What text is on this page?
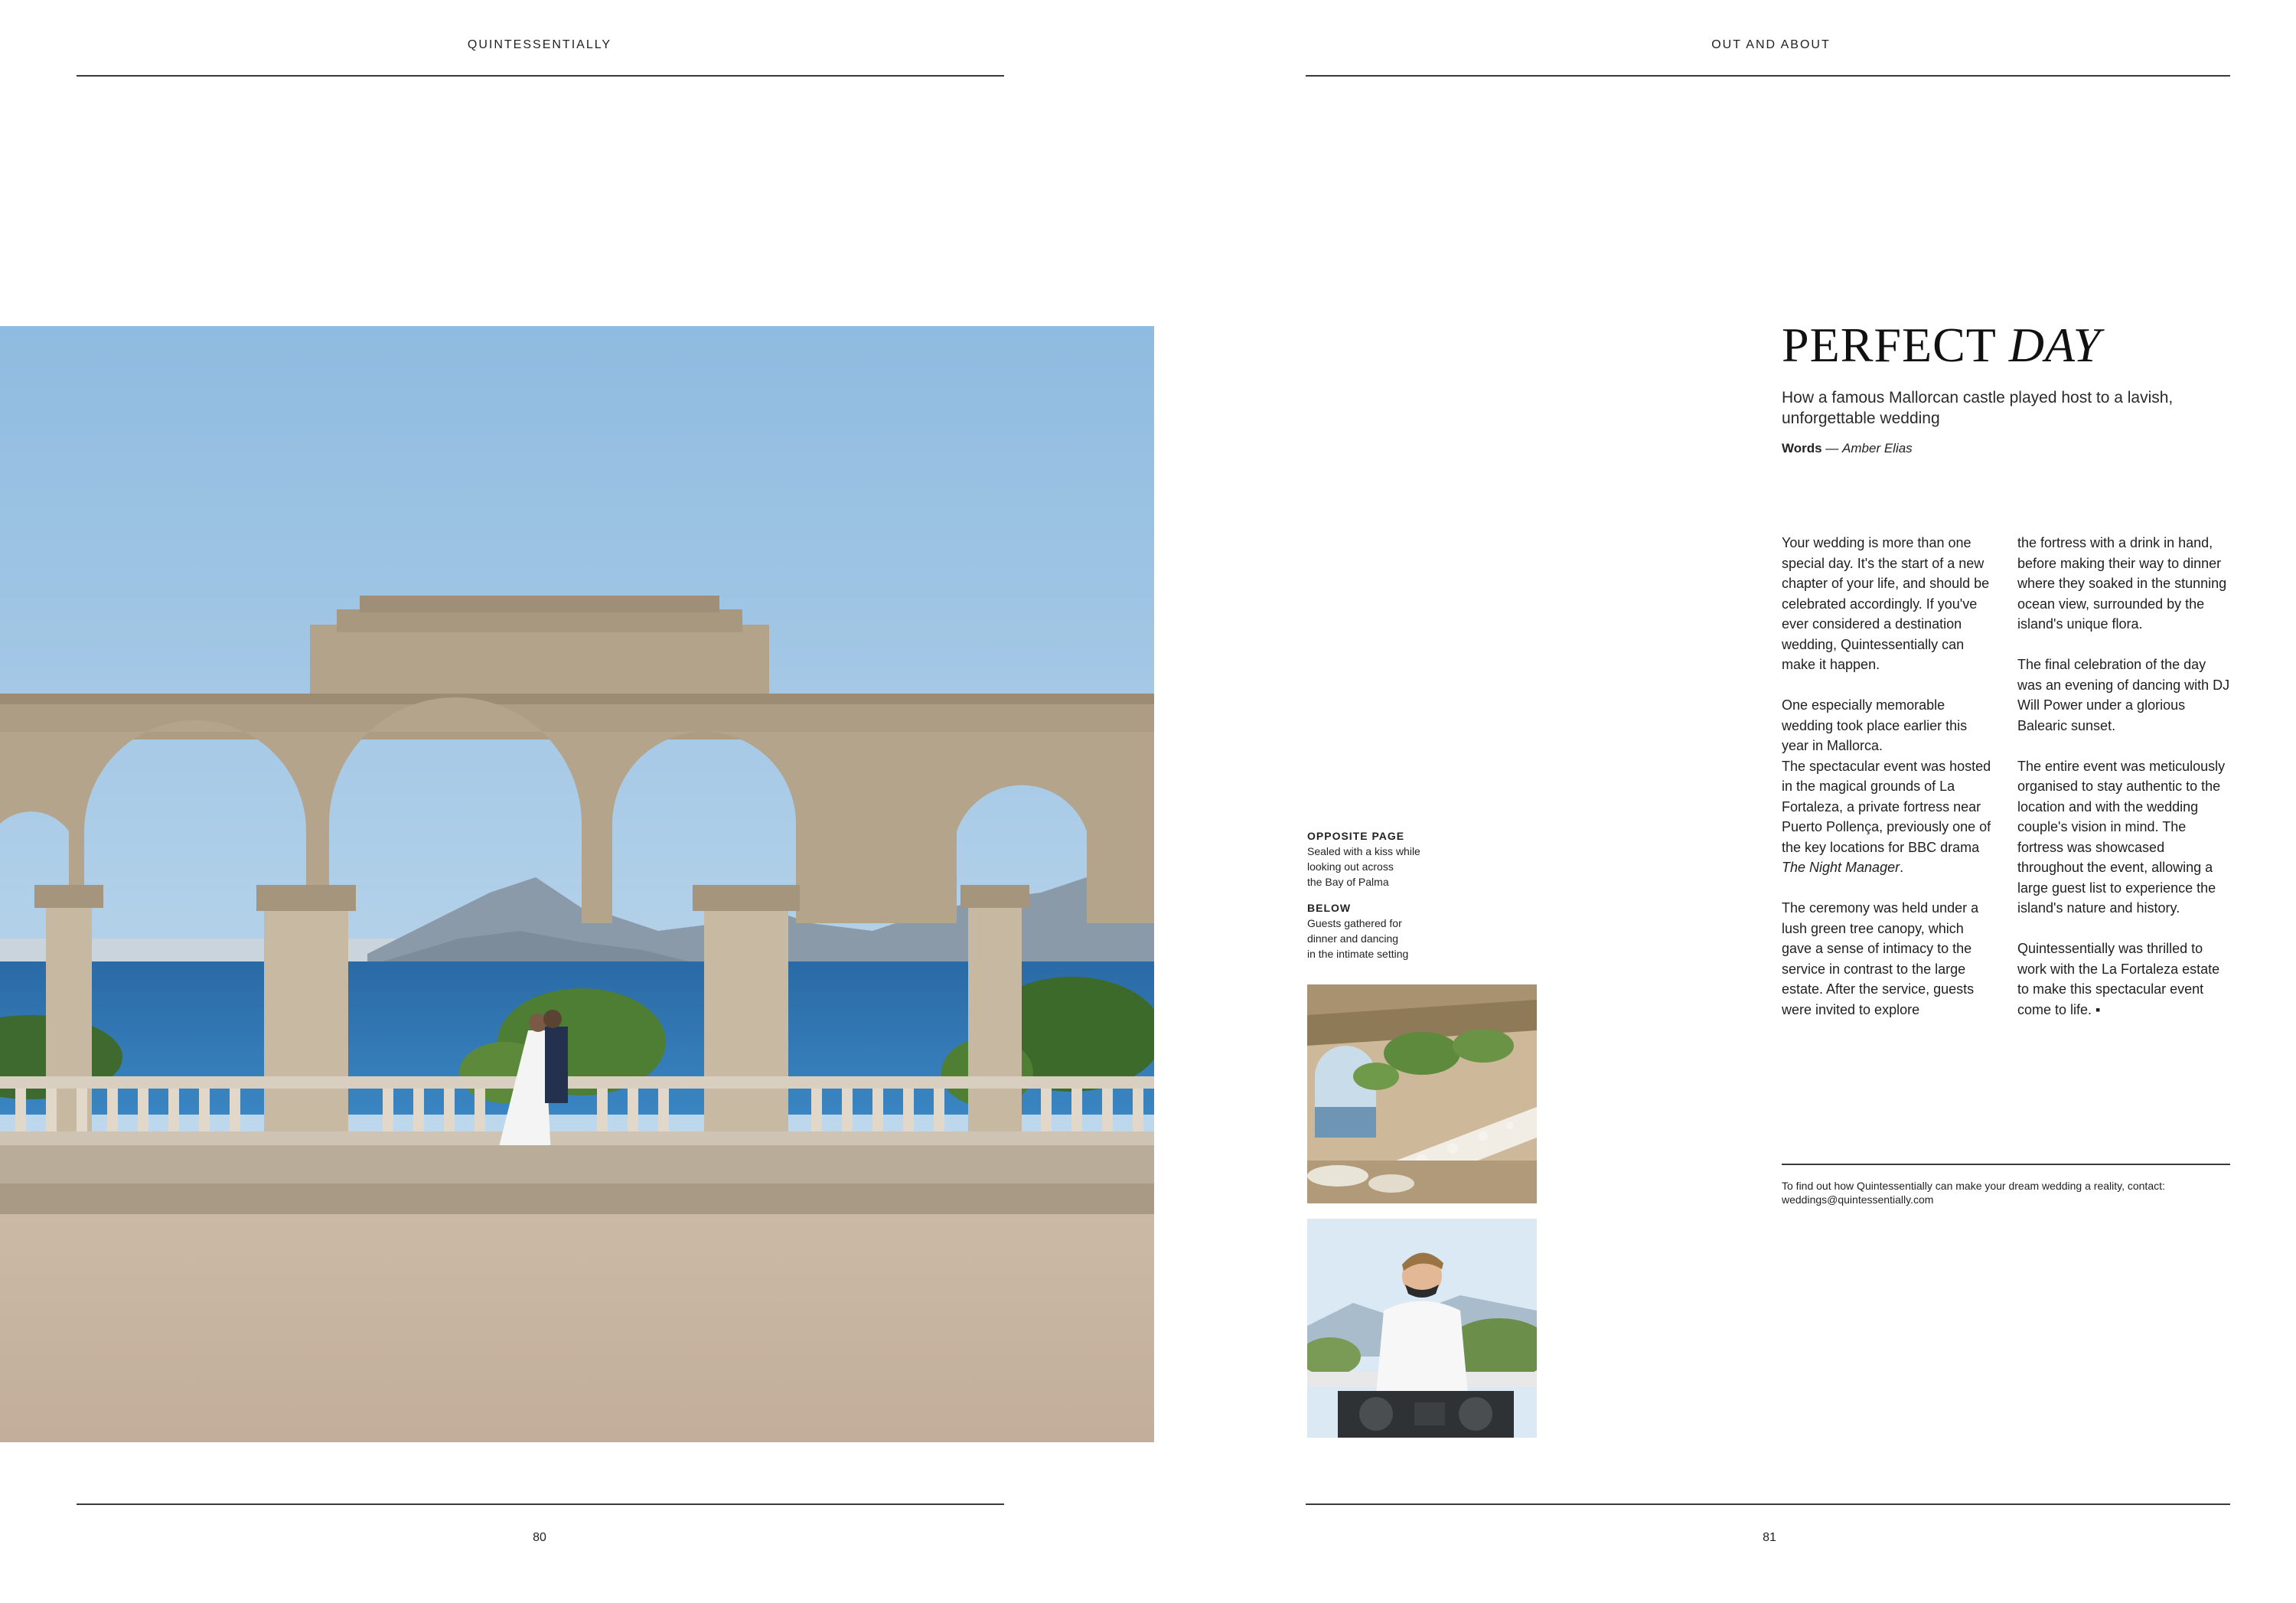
QUINTESSENTIALLY
80
OUT AND ABOUT
OPPOSITE PAGE
Sealed with a kiss while
looking out across
the Bay of Palma
BELOW
Guests gathered for
dinner and dancing
in the intimate setting
PERFECT DAY
How a famous Mallorcan castle played host to a lavish, unforgettable wedding
Words — Amber Elias

Your wedding is more than one special day. It's the start of a new chapter of your life, and should be celebrated accordingly. If you've ever considered a destination wedding, Quintessentially can make it happen.

One especially memorable wedding took place earlier this year in Mallorca.

The spectacular event was hosted in the magical grounds of La Fortaleza, a private fortress near Puerto Pollença, previously one of the key locations for BBC drama The Night Manager.

The ceremony was held under a lush green tree canopy, which gave a sense of intimacy to the service in contrast to the large estate. After the service, guests were invited to explore

the fortress with a drink in hand, before making their way to dinner where they soaked in the stunning ocean view, surrounded by the island's unique flora.

The final celebration of the day was an evening of dancing with DJ Will Power under a glorious Balearic sunset.

The entire event was meticulously organised to stay authentic to the location and with the wedding couple's vision in mind. The fortress was showcased throughout the event, allowing a large guest list to experience the island's nature and history.

Quintessentially was thrilled to work with the La Fortaleza estate to make this spectacular event come to life. ▪

To find out how Quintessentially can make your dream wedding a reality, contact:
weddings@quintessentially.com
81
